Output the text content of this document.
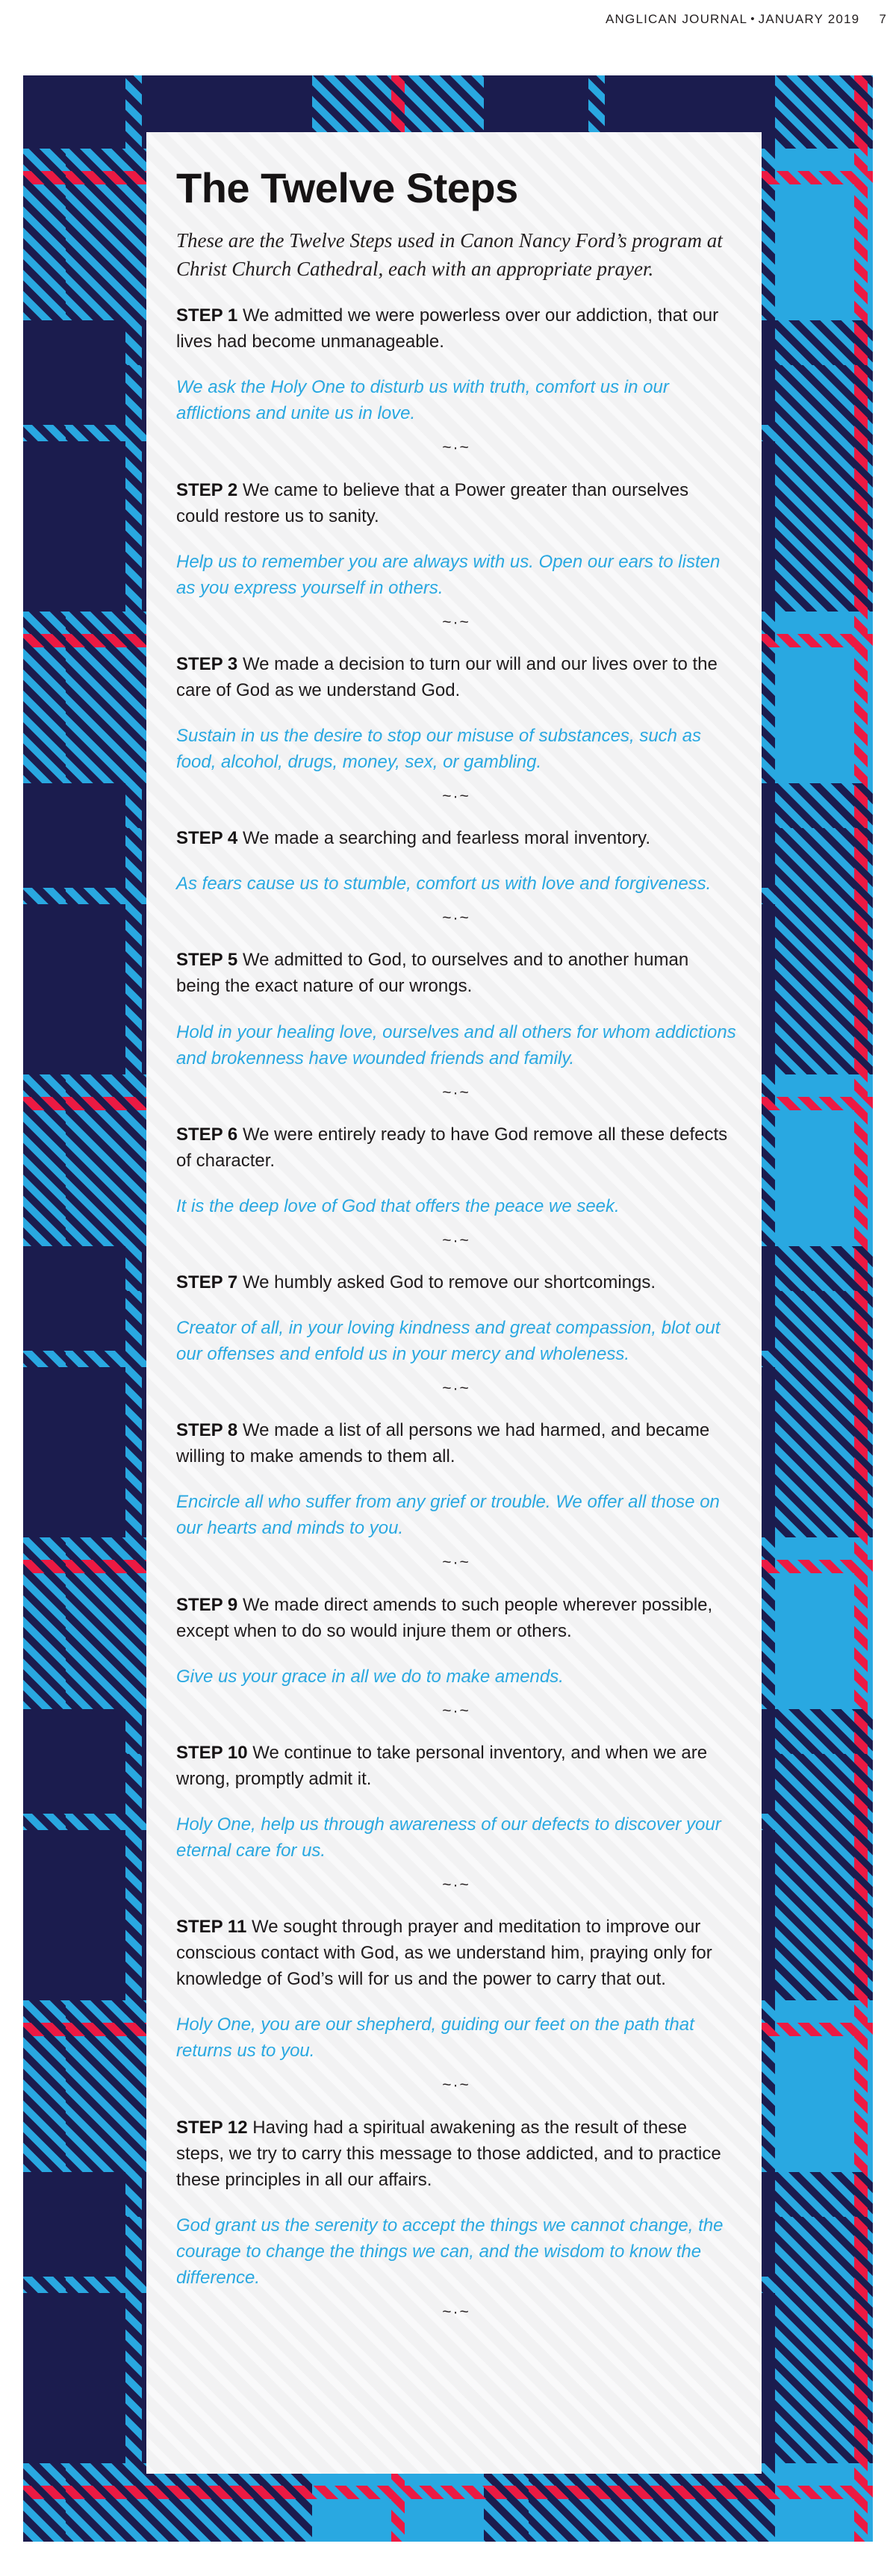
ANGLICAN JOURNAL • JANUARY 2019 7
The Twelve Steps

These are the Twelve Steps used in Canon Nancy Ford’s program at Christ Church Cathedral, each with an appropriate prayer.

STEP 1 We admitted we were powerless over our addiction, that our lives had become unmanageable.

We ask the Holy One to disturb us with truth, comfort us in our afflictions and unite us in love.

~·~

STEP 2 We came to believe that a Power greater than ourselves could restore us to sanity.

Help us to remember you are always with us. Open our ears to listen as you express yourself in others.

~·~

STEP 3 We made a decision to turn our will and our lives over to the care of God as we understand God.

Sustain in us the desire to stop our misuse of substances, such as food, alcohol, drugs, money, sex, or gambling.

~·~

STEP 4 We made a searching and fearless moral inventory.

As fears cause us to stumble, comfort us with love and forgiveness.

~·~

STEP 5 We admitted to God, to ourselves and to another human being the exact nature of our wrongs.

Hold in your healing love, ourselves and all others for whom addictions and brokenness have wounded friends and family.

~·~

STEP 6 We were entirely ready to have God remove all these defects of character.

It is the deep love of God that offers the peace we seek.

~·~

STEP 7 We humbly asked God to remove our shortcomings.

Creator of all, in your loving kindness and great compassion, blot out our offenses and enfold us in your mercy and wholeness.

~·~

STEP 8 We made a list of all persons we had harmed, and became willing to make amends to them all.

Encircle all who suffer from any grief or trouble. We offer all those on our hearts and minds to you.

~·~

STEP 9 We made direct amends to such people wherever possible, except when to do so would injure them or others.

Give us your grace in all we do to make amends.

~·~

STEP 10 We continue to take personal inventory, and when we are wrong, promptly admit it.

Holy One, help us through awareness of our defects to discover your eternal care for us.

~·~

STEP 11 We sought through prayer and meditation to improve our conscious contact with God, as we understand him, praying only for knowledge of God’s will for us and the power to carry that out.

Holy One, you are our shepherd, guiding our feet on the path that returns us to you.

~·~

STEP 12 Having had a spiritual awakening as the result of these steps, we try to carry this message to those addicted, and to practice these principles in all our affairs.

God grant us the serenity to accept the things we cannot change, the courage to change the things we can, and the wisdom to know the difference.

~·~
